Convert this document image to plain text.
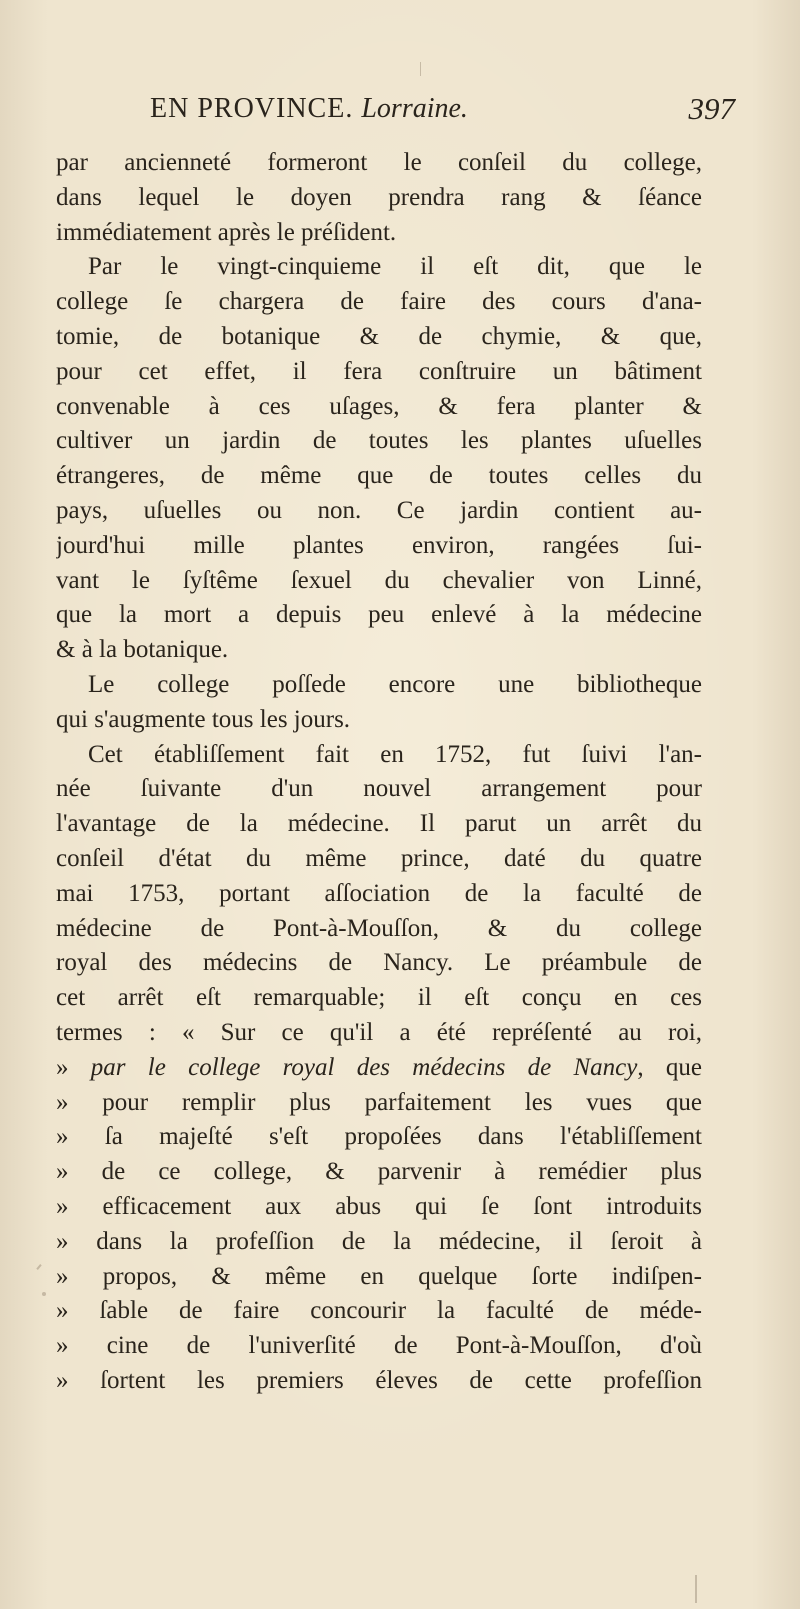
EN PROVINCE. Lorraine.	397
par ancienneté formeront le conſeil du college,
dans lequel le doyen prendra rang & ſéance
immédiatement après le préſident.
Par le vingt-cinquieme il eſt dit, que le
college ſe chargera de faire des cours d'ana-
tomie, de botanique & de chymie, & que,
pour cet effet, il fera conſtruire un bâtiment
convenable à ces uſages, & fera planter &
cultiver un jardin de toutes les plantes uſuelles
étrangeres, de même que de toutes celles du
pays, uſuelles ou non. Ce jardin contient au-
jourd'hui mille plantes environ, rangées ſui-
vant le ſyſtême ſexuel du chevalier von Linné,
que la mort a depuis peu enlevé à la médecine
& à la botanique.
Le college poſſede encore une bibliotheque
qui s'augmente tous les jours.
Cet établiſſement fait en 1752, fut ſuivi l'an-
née ſuivante d'un nouvel arrangement pour
l'avantage de la médecine. Il parut un arrêt du
conſeil d'état du même prince, daté du quatre
mai 1753, portant aſſociation de la faculté de
médecine de Pont-à-Mouſſon, & du college
royal des médecins de Nancy. Le préambule de
cet arrêt eſt remarquable; il eſt conçu en ces
termes : « Sur ce qu'il a été repréſenté au roi,
» par le college royal des médecins de Nancy, que
» pour remplir plus parfaitement les vues que
» ſa majeſté s'eſt propoſées dans l'établiſſement
» de ce college, & parvenir à remédier plus
» efficacement aux abus qui ſe ſont introduits
» dans la profeſſion de la médecine, il ſeroit à
» propos, & même en quelque ſorte indiſpen-
» ſable de faire concourir la faculté de méde-
» cine de l'univerſité de Pont-à-Mouſſon, d'où
» ſortent les premiers éleves de cette profeſſion
